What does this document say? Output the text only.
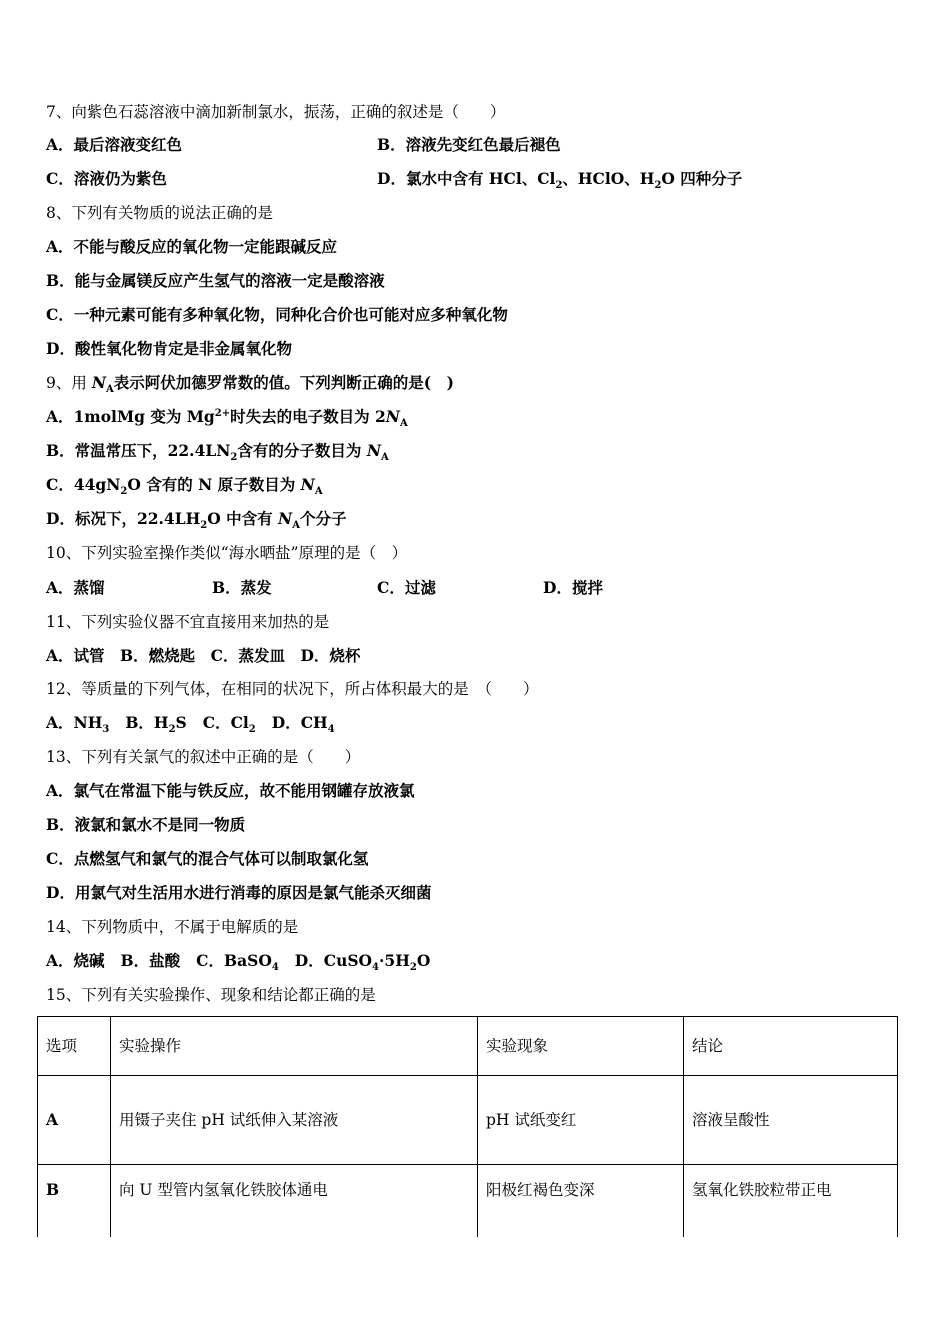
7、向紫色石蕊溶液中滴加新制氯水，振荡，正确的叙述是（　　）
A．最后溶液变红色	B．溶液先变红色最后褪色
C．溶液仍为紫色	D．氯水中含有 HCl、$Cl_2$、HClO、$H_2O$ 四种分子
8、下列有关物质的说法正确的是
A．不能与酸反应的氧化物一定能跟碱反应
B．能与金属镁反应产生氢气的溶液一定是酸溶液
C．一种元素可能有多种氧化物，同种化合价也可能对应多种氧化物
D．酸性氧化物肯定是非金属氧化物
9、用 $N_A$表示阿伏加德罗常数的值。下列判断正确的是(　)
A．1molMg 变为 $Mg^{2+}$时失去的电子数目为 $2N_A$
B．常温常压下，$22.4LN_2$含有的分子数目为 $N_A$
C．$44gN_2O$ 含有的 N 原子数目为 $N_A$
D．标况下，$22.4LH_2O$ 中含有 $N_A$个分子
10、下列实验室操作类似“海水晒盐”原理的是（　）
A．蒸馏	B．蒸发	C．过滤	D．搅拌
11、下列实验仪器不宜直接用来加热的是
A．试管　B．燃烧匙　C．蒸发皿　D．烧杯
12、等质量的下列气体，在相同的状况下，所占体积最大的是　（　　）
A．$NH_3$ B．$H_2S$ C．$Cl_2$ D．$CH_4$
13、下列有关氯气的叙述中正确的是（　　）
A．氯气在常温下能与铁反应，故不能用钢罐存放液氯
B．液氯和氯水不是同一物质
C．点燃氢气和氯气的混合气体可以制取氯化氢
D．用氯气对生活用水进行消毒的原因是氯气能杀灭细菌
14、下列物质中，不属于电解质的是
A．烧碱 B．盐酸 C．BaSO$_4$ D．$CuSO_4\cdot 5H_2O$
15、下列有关实验操作、现象和结论都正确的是
选项	实验操作	实验现象	结论
A	用镊子夹住 pH 试纸伸入某溶液	pH 试纸变红	溶液呈酸性
B	向 U 型管内氢氧化铁胶体通电	阳极红褐色变深	氢氧化铁胶粒带正电
